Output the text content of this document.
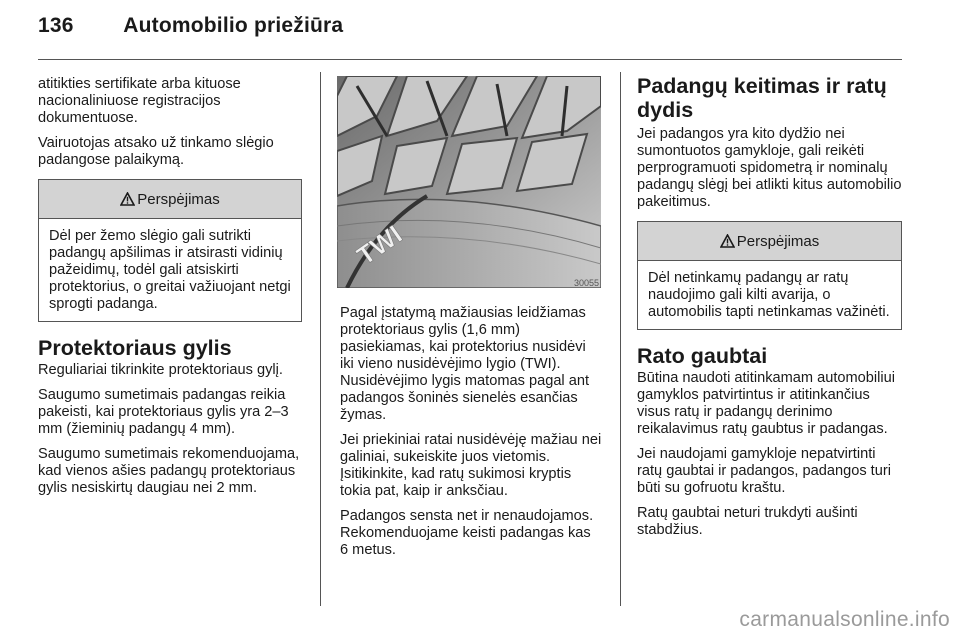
136 Automobilio priežiūra

atitikties sertifikate arba kituose nacionaliniuose registracijos dokumentuose.

Vairuotojas atsako už tinkamo slėgio padangose palaikymą.

Perspėjimas
Dėl per žemo slėgio gali sutrikti padangų apšilimas ir atsirasti vidinių pažeidimų, todėl gali atsiskirti protektorius, o greitai važiuojant netgi sprogti padanga.
Protektoriaus gylis

Reguliariai tikrinkite protektoriaus gylį.

Saugumo sumetimais padangas reikia pakeisti, kai protektoriaus gylis yra 2–3 mm (žieminių padangų 4 mm).

Saugumo sumetimais rekomenduojama, kad vienos ašies padangų protektoriaus gylis nesiskirtų daugiau nei 2 mm.

TWI
30055

Pagal įstatymą mažiausias leidžiamas protektoriaus gylis (1,6 mm) pasiekiamas, kai protektorius nusidėvi iki vieno nusidėvėjimo lygio (TWI). Nusidėvėjimo lygis matomas pagal ant padangos šoninės sienelės esančias žymas.

Jei priekiniai ratai nusidėvėję mažiau nei galiniai, sukeiskite juos vietomis. Įsitikinkite, kad ratų sukimosi kryptis tokia pat, kaip ir anksčiau.

Padangos sensta net ir nenaudojamos. Rekomenduojame keisti padangas kas 6 metus.

Padangų keitimas ir ratų dydis

Jei padangos yra kito dydžio nei sumontuotos gamykloje, gali reikėti perprogramuoti spidometrą ir nominalų padangų slėgį bei atlikti kitus automobilio pakeitimus.

Perspėjimas
Dėl netinkamų padangų ar ratų naudojimo gali kilti avarija, o automobilis tapti netinkamas važinėti.
Rato gaubtai

Būtina naudoti atitinkamam automobiliui gamyklos patvirtintus ir atitinkančius visus ratų ir padangų derinimo reikalavimus ratų gaubtus ir padangas.

Jei naudojami gamykloje nepatvirtinti ratų gaubtai ir padangos, padangos turi būti su gofruotu kraštu.

Ratų gaubtai neturi trukdyti aušinti stabdžius.

carmanualsonline.info
